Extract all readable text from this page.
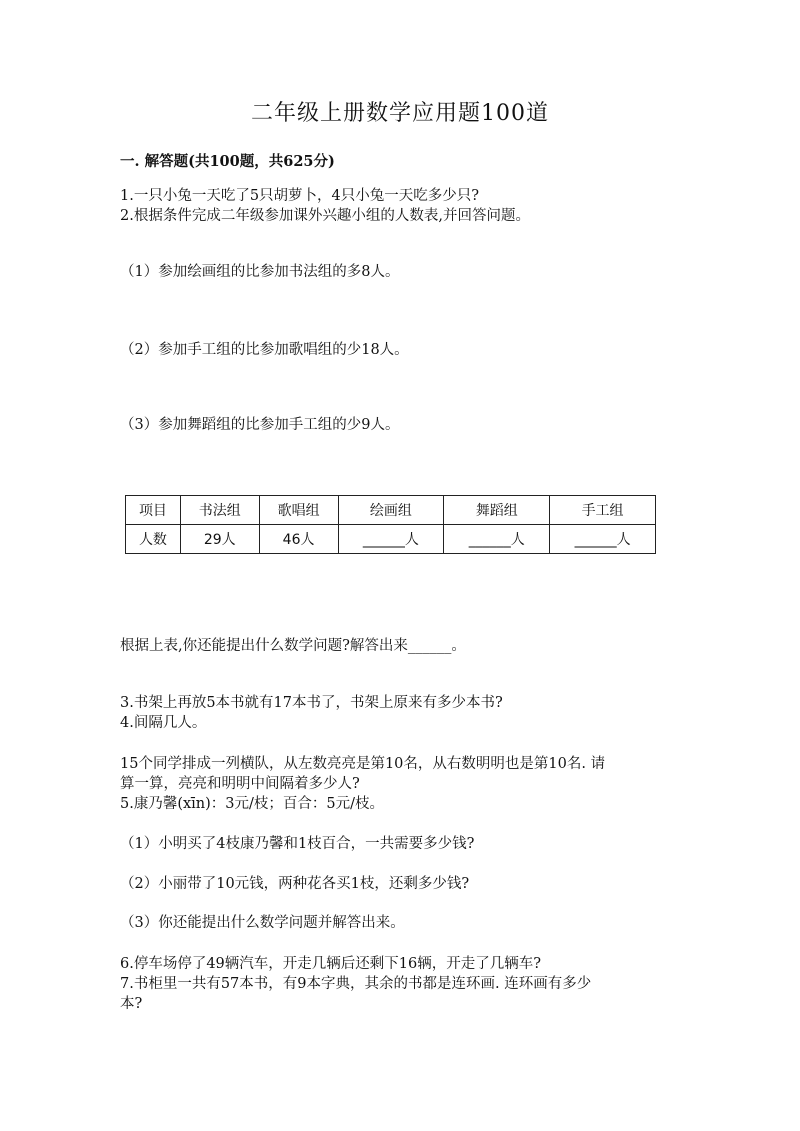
二年级上册数学应用题100道
一. 解答题(共100题，共625分)
1.一只小兔一天吃了5只胡萝卜，4只小兔一天吃多少只?
2.根据条件完成二年级参加课外兴趣小组的人数表,并回答问题。
（1）参加绘画组的比参加书法组的多8人。
（2）参加手工组的比参加歌唱组的少18人。
（3）参加舞蹈组的比参加手工组的少9人。
项目	书法组	歌唱组	绘画组	舞蹈组	手工组
人数	29人	46人	______人	______人	______人
根据上表,你还能提出什么数学问题?解答出来______。
3.书架上再放5本书就有17本书了，书架上原来有多少本书?
4.间隔几人。
15个同学排成一列横队，从左数亮亮是第10名，从右数明明也是第10名. 请
算一算，亮亮和明明中间隔着多少人?
5.康乃馨(xīn)：3元/枝；百合：5元/枝。
（1）小明买了4枝康乃馨和1枝百合，一共需要多少钱?
（2）小丽带了10元钱，两种花各买1枝，还剩多少钱?
（3）你还能提出什么数学问题并解答出来。
6.停车场停了49辆汽车，开走几辆后还剩下16辆，开走了几辆车?
7.书柜里一共有57本书，有9本字典，其余的书都是连环画. 连环画有多少
本?
